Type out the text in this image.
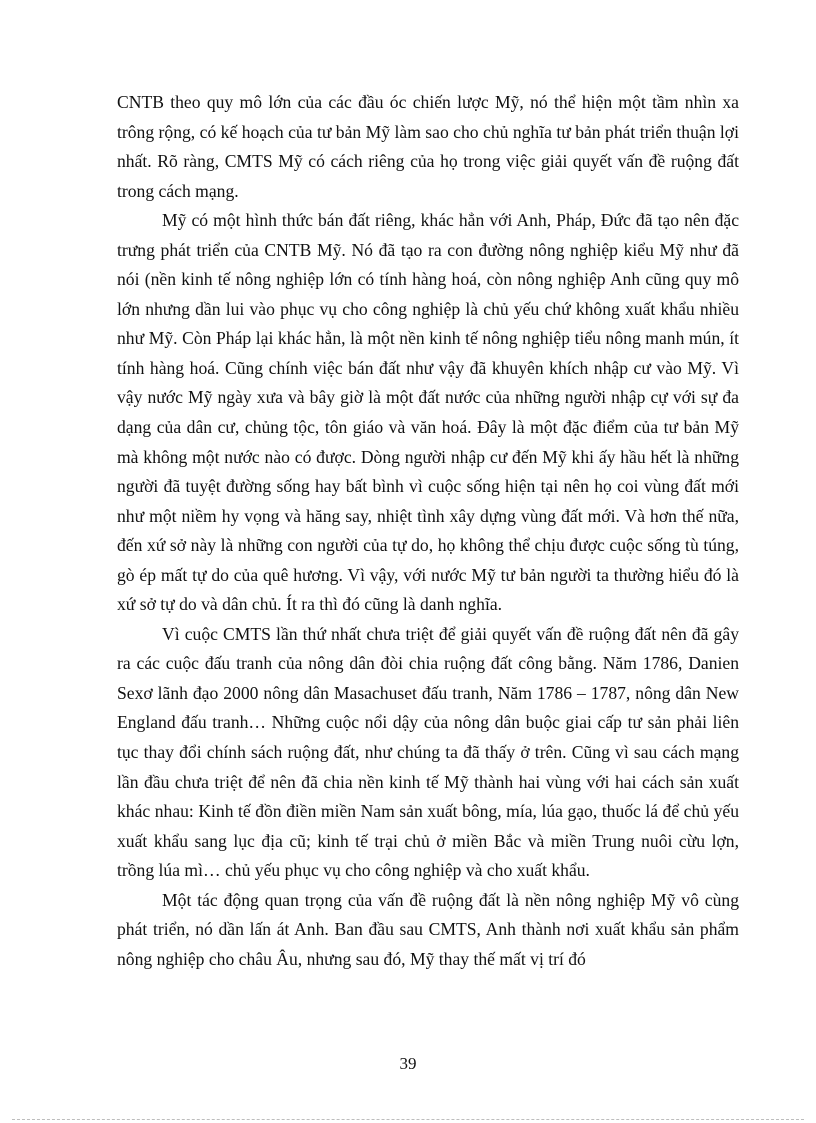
CNTB theo quy mô lớn của các đầu óc chiến lược Mỹ, nó thể hiện một tầm nhìn xa trông rộng, có kế hoạch của tư bản Mỹ làm sao cho chủ nghĩa tư bản phát triển thuận lợi nhất. Rõ ràng, CMTS Mỹ có cách riêng của họ trong việc giải quyết vấn đề ruộng đất trong cách mạng.

Mỹ có một hình thức bán đất riêng, khác hẳn với Anh, Pháp, Đức đã tạo nên đặc trưng phát triển của CNTB Mỹ. Nó đã tạo ra con đường nông nghiệp kiểu Mỹ như đã nói (nền kinh tế nông nghiệp lớn có tính hàng hoá, còn nông nghiệp Anh cũng quy mô lớn nhưng dần lui vào phục vụ cho công nghiệp là chủ yếu chứ không xuất khẩu nhiều như Mỹ. Còn Pháp lại khác hẳn, là một nền kinh tế nông nghiệp tiểu nông manh mún, ít tính hàng hoá. Cũng chính việc bán đất như vậy đã khuyên khích nhập cư vào Mỹ. Vì vậy nước Mỹ ngày xưa và bây giờ là một đất nước của những người nhập cự với sự đa dạng của dân cư, chủng tộc, tôn giáo và văn hoá. Đây là một đặc điểm của tư bản Mỹ mà không một nước nào có được. Dòng người nhập cư đến Mỹ khi ấy hầu hết là những người đã tuyệt đường sống hay bất bình vì cuộc sống hiện tại nên họ coi vùng đất mới như một niềm hy vọng và hăng say, nhiệt tình xây dựng vùng đất mới. Và hơn thế nữa, đến xứ sở này là những con người của tự do, họ không thể chịu được cuộc sống tù túng, gò ép mất tự do của quê hương. Vì vậy, với nước Mỹ tư bản người ta thường hiểu đó là xứ sở tự do và dân chủ. Ít ra thì đó cũng là danh nghĩa.

Vì cuộc CMTS lần thứ nhất chưa triệt để giải quyết vấn đề ruộng đất nên đã gây ra các cuộc đấu tranh của nông dân đòi chia ruộng đất công bằng. Năm 1786, Danien Sexơ lãnh đạo 2000 nông dân Masachuset đấu tranh, Năm 1786 – 1787, nông dân New England đấu tranh… Những cuộc nổi dậy của nông dân buộc giai cấp tư sản phải liên tục thay đổi chính sách ruộng đất, như chúng ta đã thấy ở trên. Cũng vì sau cách mạng lần đầu chưa triệt để nên đã chia nền kinh tế Mỹ thành hai vùng với hai cách sản xuất khác nhau: Kinh tế đồn điền miền Nam sản xuất bông, mía, lúa gạo, thuốc lá để chủ yếu xuất khẩu sang lục địa cũ; kinh tế trại chủ ở miền Bắc và miền Trung nuôi cừu lợn, trồng lúa mì… chủ yếu phục vụ cho công nghiệp và cho xuất khẩu.

Một tác động quan trọng của vấn đề ruộng đất là nền nông nghiệp Mỹ vô cùng phát triển, nó dần lấn át Anh. Ban đầu sau CMTS, Anh thành nơi xuất khẩu sản phẩm nông nghiệp cho châu Âu, nhưng sau đó, Mỹ thay thế mất vị trí đó

39
